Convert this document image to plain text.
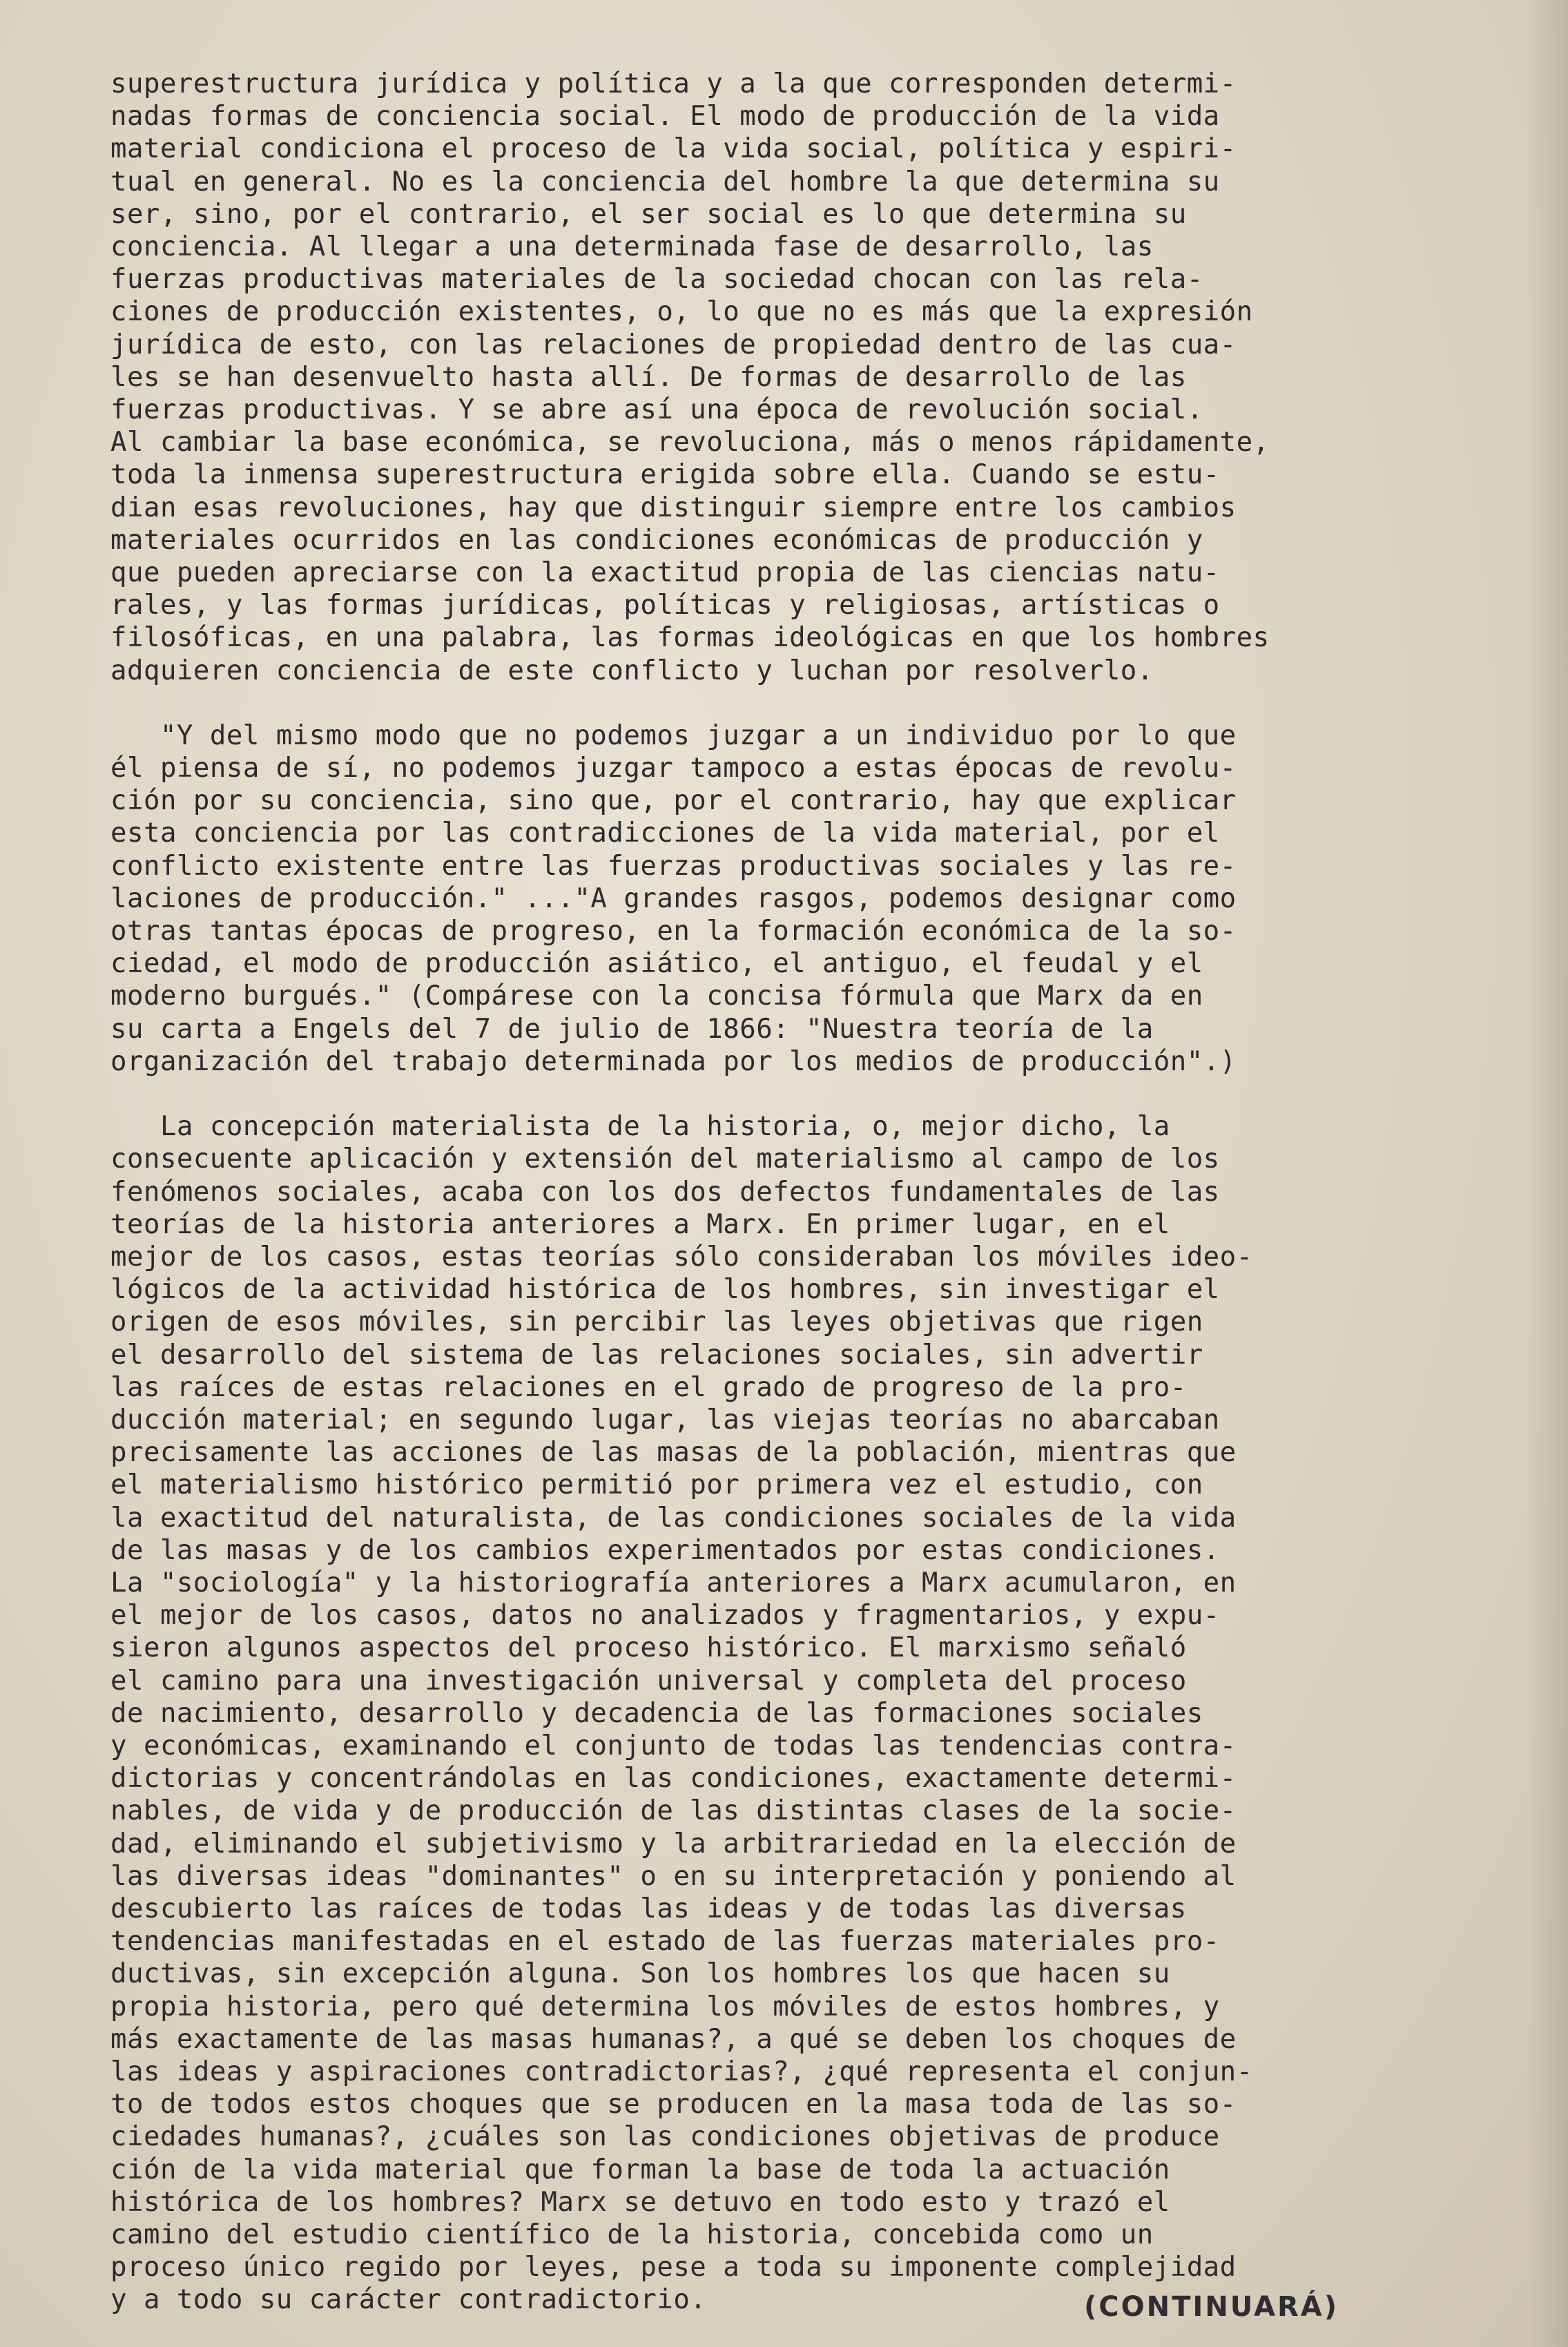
superestructura jurídica y política y a la que corresponden determi-
nadas formas de conciencia social. El modo de producción de la vida
material condiciona el proceso de la vida social, política y espiri-
tual en general. No es la conciencia del hombre la que determina su
ser, sino, por el contrario, el ser social es lo que determina su
conciencia. Al llegar a una determinada fase de desarrollo, las
fuerzas productivas materiales de la sociedad chocan con las rela-
ciones de producción existentes, o, lo que no es más que la expresión
jurídica de esto, con las relaciones de propiedad dentro de las cua-
les se han desenvuelto hasta allí. De formas de desarrollo de las
fuerzas productivas. Y se abre así una época de revolución social.
Al cambiar la base económica, se revoluciona, más o menos rápidamente,
toda la inmensa superestructura erigida sobre ella. Cuando se estu-
dian esas revoluciones, hay que distinguir siempre entre los cambios
materiales ocurridos en las condiciones económicas de producción y
que pueden apreciarse con la exactitud propia de las ciencias natu-
rales, y las formas jurídicas, políticas y religiosas, artísticas o
filosóficas, en una palabra, las formas ideológicas en que los hombres
adquieren conciencia de este conflicto y luchan por resolverlo.
"Y del mismo modo que no podemos juzgar a un individuo por lo que
él piensa de sí, no podemos juzgar tampoco a estas épocas de revolu-
ción por su conciencia, sino que, por el contrario, hay que explicar
esta conciencia por las contradicciones de la vida material, por el
conflicto existente entre las fuerzas productivas sociales y las re-
laciones de producción." ..."A grandes rasgos, podemos designar como
otras tantas épocas de progreso, en la formación económica de la so-
ciedad, el modo de producción asiático, el antiguo, el feudal y el
moderno burgués." (Compárese con la concisa fórmula que Marx da en
su carta a Engels del 7 de julio de 1866: "Nuestra teoría de la
organización del trabajo determinada por los medios de producción".)
La concepción materialista de la historia, o, mejor dicho, la
consecuente aplicación y extensión del materialismo al campo de los
fenómenos sociales, acaba con los dos defectos fundamentales de las
teorías de la historia anteriores a Marx. En primer lugar, en el
mejor de los casos, estas teorías sólo consideraban los móviles ideo-
lógicos de la actividad histórica de los hombres, sin investigar el
origen de esos móviles, sin percibir las leyes objetivas que rigen
el desarrollo del sistema de las relaciones sociales, sin advertir
las raíces de estas relaciones en el grado de progreso de la pro-
ducción material; en segundo lugar, las viejas teorías no abarcaban
precisamente las acciones de las masas de la población, mientras que
el materialismo histórico permitió por primera vez el estudio, con
la exactitud del naturalista, de las condiciones sociales de la vida
de las masas y de los cambios experimentados por estas condiciones.
La "sociología" y la historiografía anteriores a Marx acumularon, en
el mejor de los casos, datos no analizados y fragmentarios, y expu-
sieron algunos aspectos del proceso histórico. El marxismo señaló
el camino para una investigación universal y completa del proceso
de nacimiento, desarrollo y decadencia de las formaciones sociales
y económicas, examinando el conjunto de todas las tendencias contra-
dictorias y concentrándolas en las condiciones, exactamente determi-
nables, de vida y de producción de las distintas clases de la socie-
dad, eliminando el subjetivismo y la arbitrariedad en la elección de
las diversas ideas "dominantes" o en su interpretación y poniendo al
descubierto las raíces de todas las ideas y de todas las diversas
tendencias manifestadas en el estado de las fuerzas materiales pro-
ductivas, sin excepción alguna. Son los hombres los que hacen su
propia historia, pero qué determina los móviles de estos hombres, y
más exactamente de las masas humanas?, a qué se deben los choques de
las ideas y aspiraciones contradictorias?, ¿qué representa el conjun-
to de todos estos choques que se producen en la masa toda de las so-
ciedades humanas?, ¿cuáles son las condiciones objetivas de produce
ción de la vida material que forman la base de toda la actuación
histórica de los hombres? Marx se detuvo en todo esto y trazó el
camino del estudio científico de la historia, concebida como un
proceso único regido por leyes, pese a toda su imponente complejidad
y a todo su carácter contradictorio.	(CONTINUARÁ)
